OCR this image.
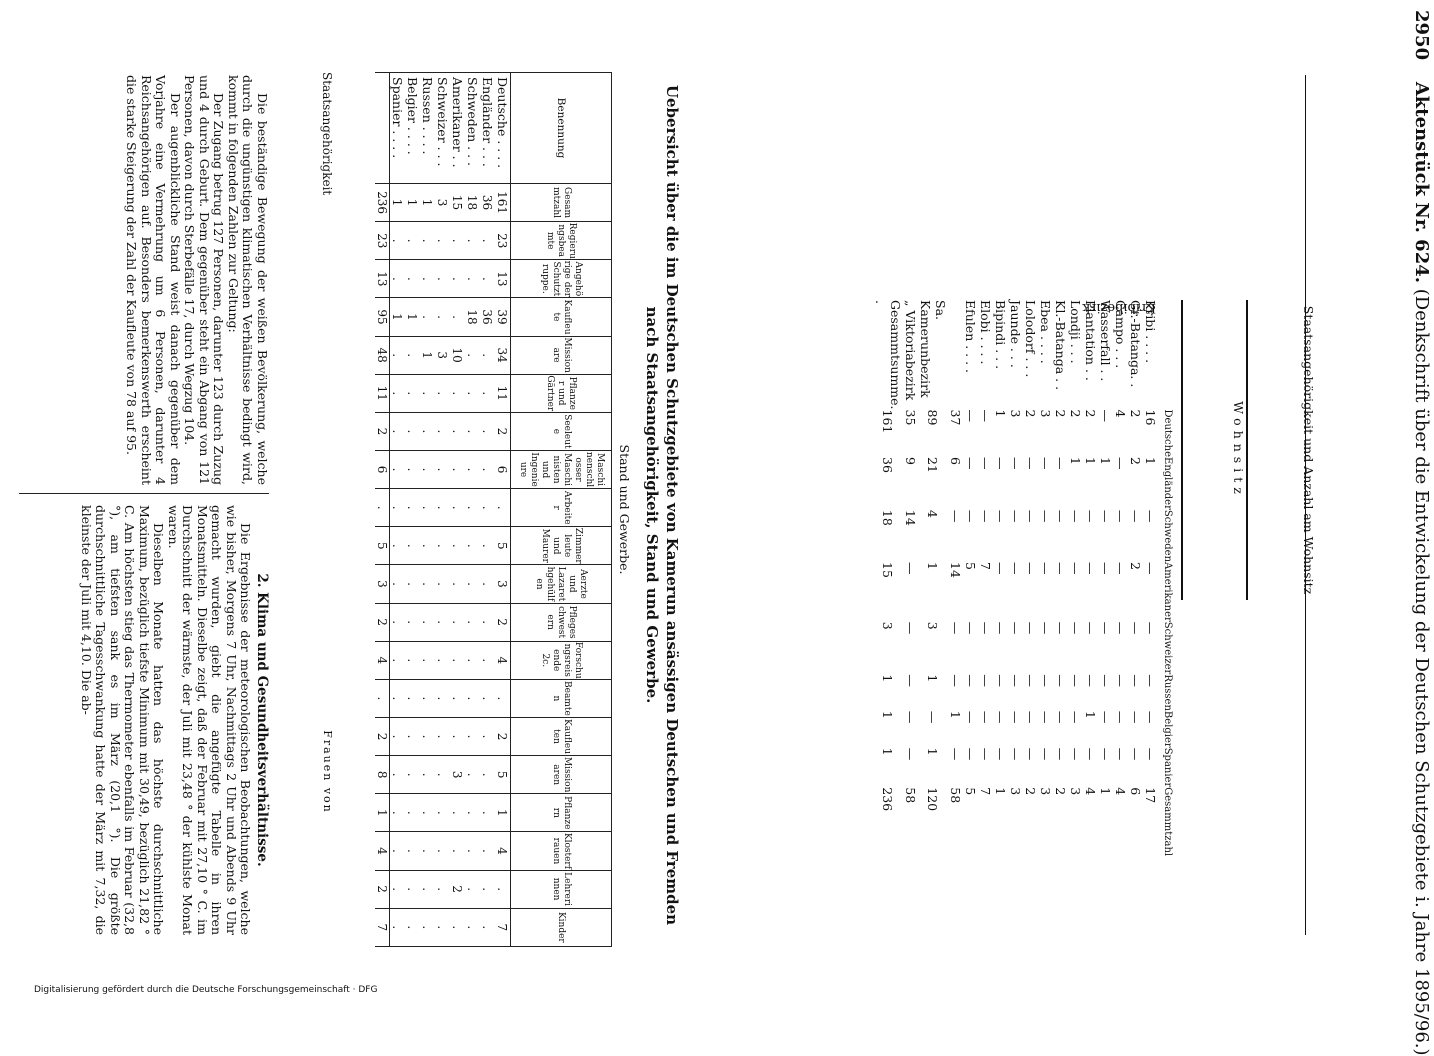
2950 Aktenstück Nr. 624. (Denkschrift über die Entwickelung der Deutschen Schutzgebiete i. Jahre 1895/96.)
Wohnsitz
Kribibezirk	Staatsangehörigkeit und Anzahl am Wohnsitz
	Deutsche	Engländer	Schweden	Amerikaner	Schweizer	Russen	Belgier	Spanier	Gesammtzahl
Kribi . . . .	16	1	—	—	—	—	—	—	17
Gr.-Batanga. .	2	2	—	2	—	—	—	—	6
Campo . . .	4	—	—	—	—	—	—	—	4
Wasserfall . .	—	1	—	—	—	—	—	—	1
Plantation . .	2	1	—	—	—	—	1	—	4
Londji . . .	2	1	—	—	—	—	—	—	3
Kl.-Batanga . .	2	—	—	—	—	—	—	—	2
Ebea . . . .	3	—	—	—	—	—	—	—	3
Lolodorf . . .	2	—	—	—	—	—	—	—	2
Jaunde . . .	3	—	—	—	—	—	—	—	3
Bipindi . . .	1	—	—	—	—	—	—	—	1
Elobi . . . .	—	—	—	7	—	—	—	—	7
Efulen . . . .	—	—	—	5	—	—	—	—	5
	37	6	—	14	—	—	1	—	58
Sa. Kamerunbezirk	89	21	4	1	3	1	—	1	120
„ Viktoriabezirk	35	9	14	—	—	—	—	—	58
Gesammtsumme. .	161	36	18	15	3	1	1	1	236
Uebersicht über die im Deutschen Schutzgebiete von Kamerun ansässigen Deutschen und Fremden nach Staatsangehörigkeit, Stand und Gewerbe.
Stand und Gewerbe.
Benennung	Gesammtzahl	Regierungsbeamte	Angehörige der Schutztruppe.	Kaufleute	Missionare	Pflanzer und Gärtner	Seeleute	Maschinenschlosser Maschinisten und Ingenieure	Arbeiter	Zimmerleute und Maurer	Aerzte und Lazarethgehülfen	Pflegeschwestern	Forschungsreisende 2c.	Beamten	Kaufleuten	Missionaren	Pflanzern	Klosterfrauen	Lehrerinnen	Kinder
Deutsche . . . .	161	23	13	39	34	11	2	6	.	5	3	2	4	.	2	5	1	4	.	7
Engländer . . .	36	.	.	36	.	.	.	.	.	.	.	.	.	.	.	.	.	.	.	.
Schweden . . .	18	.	.	18	.	.	.	.	.	.	.	.	.	.	.	.	.	.	.	.
Amerikaner . .	15	.	.	.	10	.	.	.	.	.	.	.	.	.	.	3	.	.	2	.
Schweizer . . .	3	.	.	.	3	.	.	.	.	.	.	.	.	.	.	.	.	.	.	.
Russen . . . .	1	.	.	.	1	.	.	.	.	.	.	.	.	.	.	.	.	.	.	.
Belgier . . . .	1	.	.	1	.	.	.	.	.	.	.	.	.	.	.	.	.	.	.	.
Spanier . . . .	1	.	.	1	.	.	.	.	.	.	.	.	.	.	.	.	.	.	.	.
	236	23	13	95	48	11	2	6	.	5	3	2	4	.	2	8	1	4	2	7
Staatsangehörigkeit
Frauen von

Die beständige Bewegung der weißen Bevölkerung, welche durch die ungünstigen klimatischen Verhältnisse bedingt wird, kommt in folgenden Zahlen zur Geltung:

Der Zugang betrug 127 Personen, darunter 123 durch Zuzug und 4 durch Geburt. Dem gegenüber steht ein Abgang von 121 Personen, davon durch Sterbefälle 17, durch Wegzug 104.

Der augenblickliche Stand weist danach gegenüber dem Vorjahre eine Vermehrung um 6 Personen, darunter 4 Reichsangehörigen auf. Besonders bemerkenswerth erscheint die starke Steigerung der Zahl der Kaufleute von 78 auf 95.

2. Klima und Gesundheitsverhältnisse.

Die Ergebnisse der meteorologischen Beobachtungen, welche wie bisher, Morgens 7 Uhr, Nachmittags 2 Uhr und Abends 9 Uhr gemacht wurden, giebt die angefügte Tabelle in ihren Monatsmitteln. Dieselbe zeigt, daß der Februar mit 27,10 ° C. im Durchschnitt der wärmste, der Juli mit 23,48 ° der kühlste Monat waren.

Dieselben Monate hatten das höchste durchschnittliche Maximum, bezüglich tiefste Minimum mit 30,49, bezüglich 21,82 ° C. Am höchsten stieg das Thermometer ebenfalls im Februar (32,8 °), am tiefsten sank es im März (20,1 °). Die größte durchschnittliche Tagesschwankung hatte der März mit 7,32, die kleinste der Juli mit 4,10. Die ab-

Digitalisierung gefördert durch die Deutsche Forschungsgemeinschaft · DFG
